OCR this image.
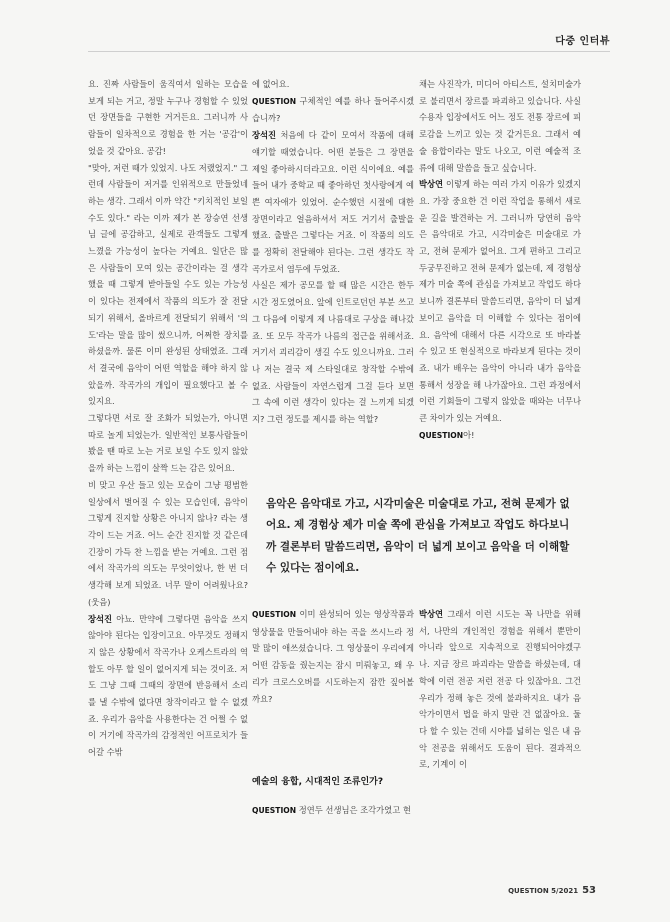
다중 인터뷰

요. 진짜 사람들이 움직여서 일하는 모습을 보게 되는 거고, 정말 누구나 경험할 수 있었던 장면들을 구현한 거거든요. 그러니까 사람들이 일차적으로 경험을 한 거는 '공감'이었을 것 같아요. 공감!

"맞아, 저런 때가 있었지. 나도 저랬었지." 그런데 사람들이 저거를 인위적으로 만들었네 하는 생각. 그래서 이까 약간 "키치적인 보일 수도 있다." 라는 이까 제가 본 장승연 선생님 글에 공감하고, 실제로 관객들도 그렇게 느꼈을 가능성이 높다는 거예요. 일단은 많은 사람들이 모여 있는 공간이라는 걸 생각했을 때 그렇게 받아들일 수도 있는 가능성이 있다는 전제에서 작품의 의도가 잘 전달되기 위해서, 올바르게 전달되기 위해서 '의도'라는 말을 많이 썼으니까, 어쩌한 장치를 하셨을까. 물론 이미 완성된 상태였죠. 그래서 결국에 음악이 어떤 역할을 해야 하지 않았을까. 작곡가의 개입이 필요했다고 볼 수 있지요.

그렇다면 서로 잘 조화가 되었는가, 아니면 따로 놀게 되었는가. 일반적인 보통사람들이 봤을 땐 따로 노는 거로 보일 수도 있지 않았을까 하는 느낌이 살짝 드는 감은 있어요.

비 맞고 우산 들고 있는 모습이 그냥 평범한 일상에서 벌어질 수 있는 모습인데, 음악이 그렇게 진지할 상황은 아니지 않나? 라는 생각이 드는 거죠. 어느 순간 진지할 것 같은데 긴장이 가득 찬 느낌을 받는 거예요. 그런 점에서 작곡가의 의도는 무엇이었나, 한 번 더 생각해 보게 되었죠. 너무 말이 어려웠나요? (웃음)

장석진 아뇨. 만약에 그렇다면 음악을 쓰지 않아야 된다는 입장이고요. 아무것도 정해지지 않은 상황에서 작곡가나 오케스트라의 역할도 아무 할 일이 없어지게 되는 것이죠. 저도 그냥 그때 그때의 장면에 반응해서 소리를 낼 수밖에 없다면 창작이라고 할 수 없겠죠. 우리가 음악을 사용한다는 건 어쩔 수 없이 거기에 작곡가의 감정적인 어프로치가 들어갈 수밖

에 없어요.

QUESTION 구체적인 예를 하나 들어주시겠습니까?

장석진 처음에 다 같이 모여서 작품에 대해 얘기할 때였습니다. 어떤 분들은 그 장면을 제일 좋아하시더라고요. 이런 식이에요. 예를 들어 내가 중학교 때 좋아하던 첫사랑에게 예쁜 여자애가 있었어. 순수했던 시절에 대한 장면이라고 얼음하셔서 저도 거기서 출발을 했죠. 출발은 그렇다는 거죠. 이 작품의 의도를 정확히 전달해야 된다는. 그런 생각도 작곡가로서 염두에 두었죠.

사실은 제가 공모를 할 때 많은 시간은 한두 시간 정도였어요. 앞에 인트로던던 부분 쓰고 그 다음에 이렇게 제 나름대로 구상을 해나갔죠. 또 모두 작곡가 나름의 접근을 위해서죠. 거기서 괴리감이 생길 수도 있으니까요. 그러나 저는 결국 제 스타일대로 창작할 수밖에 없죠. 사람들이 자연스럽게 그걸 듣다 보면 그 속에 이런 생각이 있다는 걸 느끼게 되겠지? 그런 정도를 제시를 하는 역할?

채는 사진작가, 미디어 아티스트, 설치미술가로 불리면서 장르를 파괴하고 있습니다. 사실 수용자 입장에서도 어느 정도 전통 장르에 피로감을 느끼고 있는 것 같거든요. 그래서 예술 융합이라는 말도 나오고, 이런 예술적 조류에 대해 말씀을 들고 싶습니다.

박상연 이렇게 하는 여러 가지 이유가 있겠지요. 가장 중요한 건 이런 작업을 통해서 새로운 길을 발견하는 거. 그러니까 당연히 음악은 음악대로 가고, 시각미술은 미술대로 가고, 전혀 문제가 없어요. 그게 편하고 그리고 두궁무진하고 전혀 문제가 없는데, 제 경험상 제가 미술 쪽에 관심을 가져보고 작업도 하다보니까 결론부터 말씀드리면, 음악이 더 넓게 보이고 음악을 더 이해할 수 있다는 점이에요. 음악에 대해서 다른 시각으로 또 바라볼 수 있고 또 현실적으로 바라보게 된다는 것이죠. 내가 배우는 음악이 아니라 내가 음악을 통해서 성장을 해 나가잖아요. 그런 과정에서 이런 기회들이 그렇지 않았을 때와는 너무나 큰 차이가 있는 거예요.

QUESTION아!

음악은 음악대로 가고, 시각미술은 미술대로 가고, 전혀 문제가 없어요. 제 경험상 제가 미술 쪽에 관심을 가져보고 작업도 하다보니까 결론부터 말씀드리면, 음악이 더 넓게 보이고 음악을 더 이해할 수 있다는 점이에요.

QUESTION 이미 완성되어 있는 영상작품과 영상물을 만들어내야 하는 곡을 쓰시느라 정말 많이 애쓰셨습니다. 그 영상물이 우리에게 어떤 감동을 줬는지는 잠시 미뤄놓고, 왜 우리가 크로스오버를 시도하는지 잠깐 짚어볼까요?

예술의 융합, 시대적인 조류인가?

QUESTION 정연두 선생님은 조각가였고 현

박상연 그래서 이런 시도는 꼭 나만을 위해서, 나만의 개인적인 경험을 위해서 뿐만이 아니라 앞으로 지속적으로 진행되어야겠구나. 지금 장르 파괴라는 말씀을 하셨는데, 대학에 이런 전공 저런 전공 다 있잖아요. 그건 우리가 정해 놓은 것에 불과하지요. 내가 음악가이면서 법을 하지 말란 건 없잖아요. 둘 다 할 수 있는 건데 시야를 넓히는 일은 내 음악 전공을 위해서도 도움이 된다. 결과적으로, 기계이 이

QUESTION 5/2021 53
